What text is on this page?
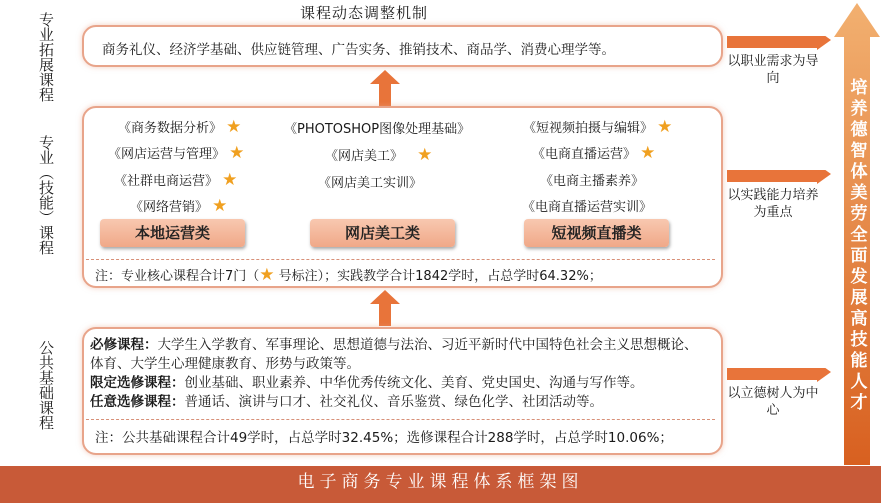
专业拓展课程
专业（技能）课程
公共基础课程
课程动态调整机制
商务礼仪、经济学基础、供应链管理、广告实务、推销技术、商品学、消费心理学等。
《商务数据分析》 ★
《网店运营与管理》 ★
《社群电商运营》 ★
《网络营销》 ★
《PHOTOSHOP图像处理基础》
《网店美工》 ★
《网店美工实训》
《短视频拍摄与编辑》 ★
《电商直播运营》 ★
《电商主播素养》
《电商直播运营实训》
本地运营类	网店美工类	短视频直播类
注：专业核心课程合计7门（★ 号标注）；实践教学合计1842学时，占总学时64.32%；
必修课程：大学生入学教育、军事理论、思想道德与法治、习近平新时代中国特色社会主义思想概论、体育、大学生心理健康教育、形势与政策等。
限定选修课程：创业基础、职业素养、中华优秀传统文化、美育、党史国史、沟通与写作等。
任意选修课程：普通话、演讲与口才、社交礼仪、音乐鉴赏、绿色化学、社团活动等。
注：公共基础课程合计49学时，占总学时32.45%；选修课程合计288学时，占总学时10.06%；
以职业需求为导向
以实践能力培养为重点
以立德树人为中心
培养德智体美劳全面发展高技能人才
电子商务专业课程体系框架图
